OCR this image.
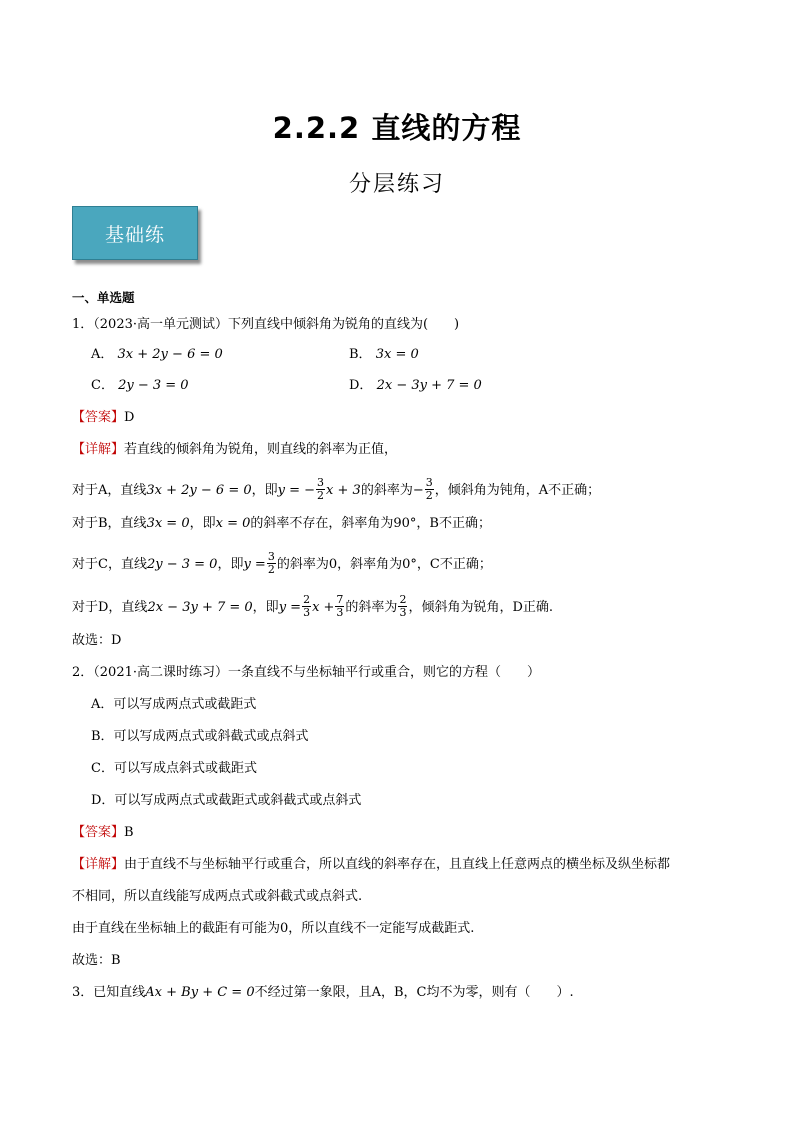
2.2.2 直线的方程
分层练习
基础练
一、单选题
1．（2023·高一单元测试）下列直线中倾斜角为锐角的直线为(　　)
A． 3x + 2y − 6 = 0	B． 3x = 0
C． 2y − 3 = 0	D． 2x − 3y + 7 = 0
【答案】D
【详解】若直线的倾斜角为锐角，则直线的斜率为正值，
对于A，直线3x + 2y − 6 = 0，即y = − $\frac{3}{2}$ x + 3的斜率为− $\frac{3}{2}$ ，倾斜角为钝角，A不正确；
对于B，直线3x = 0，即x = 0的斜率不存在，斜率角为90°，B不正确；
对于C，直线2y − 3 = 0，即$y = \frac{3}{2}$ 的斜率为0，斜率角为0°，C不正确；
对于D，直线2x − 3y + 7 = 0，即$y = \frac{2}{3}$ $x + \frac{7}{3}$ 的斜率为 $\frac{2}{3}$ ，倾斜角为锐角，D正确.
故选：D
2．（2021·高二课时练习）一条直线不与坐标轴平行或重合，则它的方程（　　）
A．可以写成两点式或截距式
B．可以写成两点式或斜截式或点斜式
C．可以写成点斜式或截距式
D．可以写成两点式或截距式或斜截式或点斜式
【答案】B
【详解】由于直线不与坐标轴平行或重合，所以直线的斜率存在，且直线上任意两点的横坐标及纵坐标都
不相同，所以直线能写成两点式或斜截式或点斜式.
由于直线在坐标轴上的截距有可能为0，所以直线不一定能写成截距式.
故选：B
3．已知直线Ax + By + C = 0不经过第一象限，且A，B，C均不为零，则有（　　）.
